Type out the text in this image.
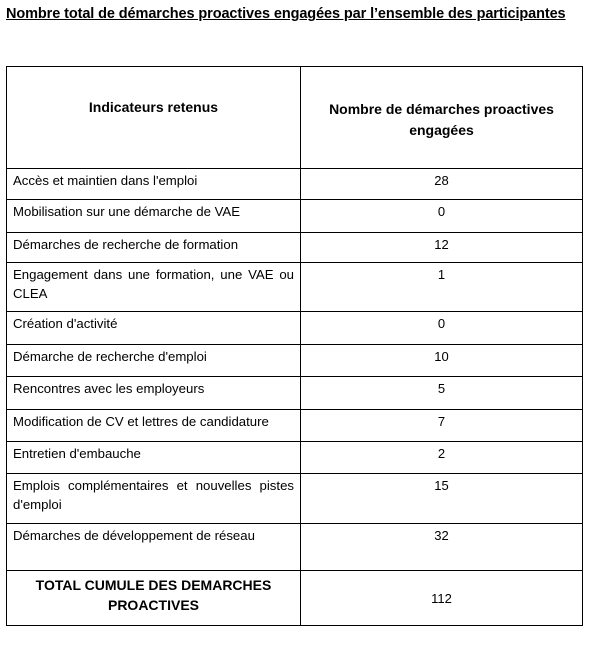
Nombre total de démarches proactives engagées par l’ensemble des participantes
Indicateurs retenus	Nombre de démarches proactives engagées
Accès et maintien dans l'emploi	28
Mobilisation sur une démarche de VAE	0
Démarches de recherche de formation	12
Engagement dans une formation, une VAE ou CLEA	1
Création d'activité	0
Démarche de recherche d'emploi	10
Rencontres avec les employeurs	5
Modification de CV et lettres de candidature	7
Entretien d'embauche	2
Emplois complémentaires et nouvelles pistes d'emploi	15
Démarches de développement de réseau	32
TOTAL CUMULE DES DEMARCHES PROACTIVES	112
